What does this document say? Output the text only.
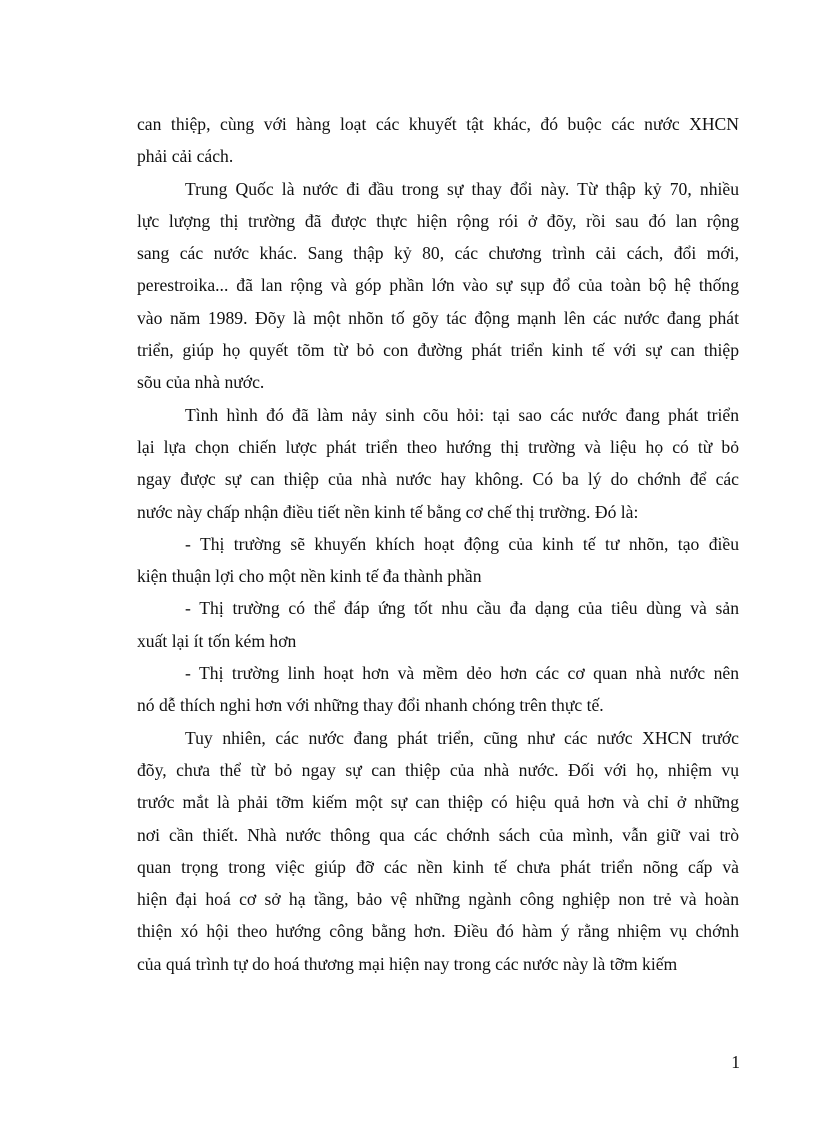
can thiệp, cùng với hàng loạt các khuyết tật khác, đó buộc các nước XHCN
phải cải cách.
Trung Quốc là nước đi đầu trong sự thay đổi này. Từ thập kỷ 70, nhiều
lực lượng thị trường đã được thực hiện rộng rói ở đõy, rồi sau đó lan rộng
sang các nước khác. Sang thập kỷ 80, các chương trình cải cách, đổi mới,
perestroika... đã lan rộng và góp phần lớn vào sự sụp đổ của toàn bộ hệ thống
vào năm 1989. Đõy là một nhõn tố gõy tác động mạnh lên các nước đang phát
triển, giúp họ quyết tõm từ bỏ con đường phát triển kinh tế với sự can thiệp
sõu của nhà nước.
Tình hình đó đã làm nảy sinh cõu hỏi: tại sao các nước đang phát triển
lại lựa chọn chiến lược phát triển theo hướng thị trường và liệu họ có từ bỏ
ngay được sự can thiệp của nhà nước hay không. Có ba lý do chớnh để các
nước này chấp nhận điều tiết nền kinh tế bằng cơ chế thị trường. Đó là:
- Thị trường sẽ khuyến khích hoạt động của kinh tế tư nhõn, tạo điều
kiện thuận lợi cho một nền kinh tế đa thành phần
- Thị trường có thể đáp ứng tốt nhu cầu đa dạng của tiêu dùng và sản
xuất lại ít tốn kém hơn
- Thị trường linh hoạt hơn và mềm dẻo hơn các cơ quan nhà nước nên
nó dễ thích nghi hơn với những thay đổi nhanh chóng trên thực tế.
Tuy nhiên, các nước đang phát triển, cũng như các nước XHCN trước
đõy, chưa thể từ bỏ ngay sự can thiệp của nhà nước. Đối với họ, nhiệm vụ
trước mắt là phải tỡm kiếm một sự can thiệp có hiệu quả hơn và chỉ ở những
nơi cần thiết. Nhà nước thông qua các chớnh sách của mình, vẫn giữ vai trò
quan trọng trong việc giúp đỡ các nền kinh tế chưa phát triển nõng cấp và
hiện đại hoá cơ sở hạ tầng, bảo vệ những ngành công nghiệp non trẻ và hoàn
thiện xó hội theo hướng công bằng hơn. Điều đó hàm ý rằng nhiệm vụ chớnh
của quá trình tự do hoá thương mại hiện nay trong các nước này là tỡm kiếm
1
